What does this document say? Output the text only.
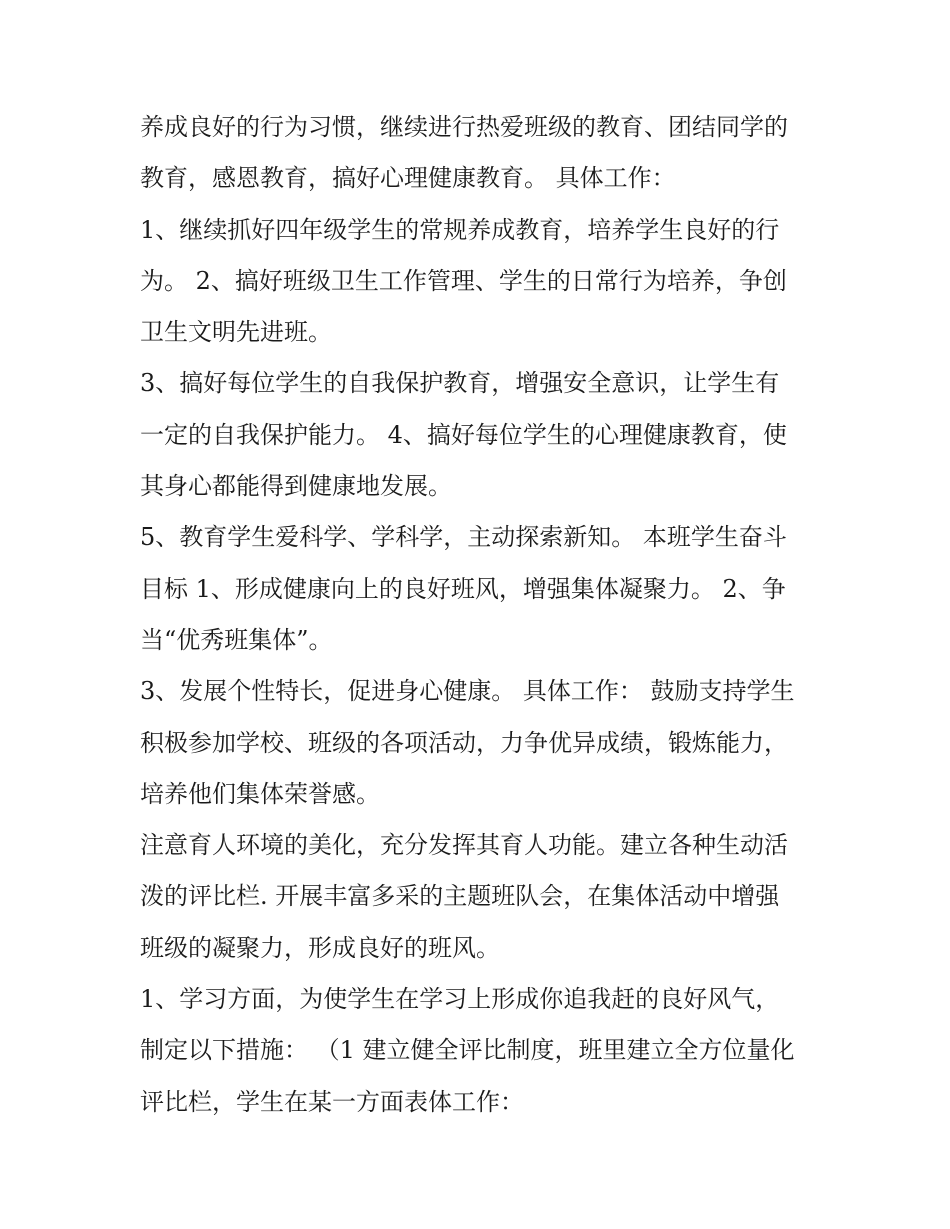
养成良好的行为习惯，继续进行热爱班级的教育、团结同学的
教育，感恩教育，搞好心理健康教育。 具体工作：

1、继续抓好四年级学生的常规养成教育，培养学生良好的行
为。 2、搞好班级卫生工作管理、学生的日常行为培养，争创
卫生文明先进班。

3、搞好每位学生的自我保护教育，增强安全意识，让学生有
一定的自我保护能力。 4、搞好每位学生的心理健康教育，使
其身心都能得到健康地发展。

5、教育学生爱科学、学科学，主动探索新知。 本班学生奋斗
目标 1、形成健康向上的良好班风，增强集体凝聚力。 2、争
当“优秀班集体”。

3、发展个性特长，促进身心健康。 具体工作： 鼓励支持学生
积极参加学校、班级的各项活动，力争优异成绩，锻炼能力，
培养他们集体荣誉感。

注意育人环境的美化，充分发挥其育人功能。建立各种生动活
泼的评比栏. 开展丰富多采的主题班队会，在集体活动中增强
班级的凝聚力，形成良好的班风。

1、学习方面，为使学生在学习上形成你追我赶的良好风气，
制定以下措施： （1 建立健全评比制度，班里建立全方位量化
评比栏，学生在某一方面表体工作：
